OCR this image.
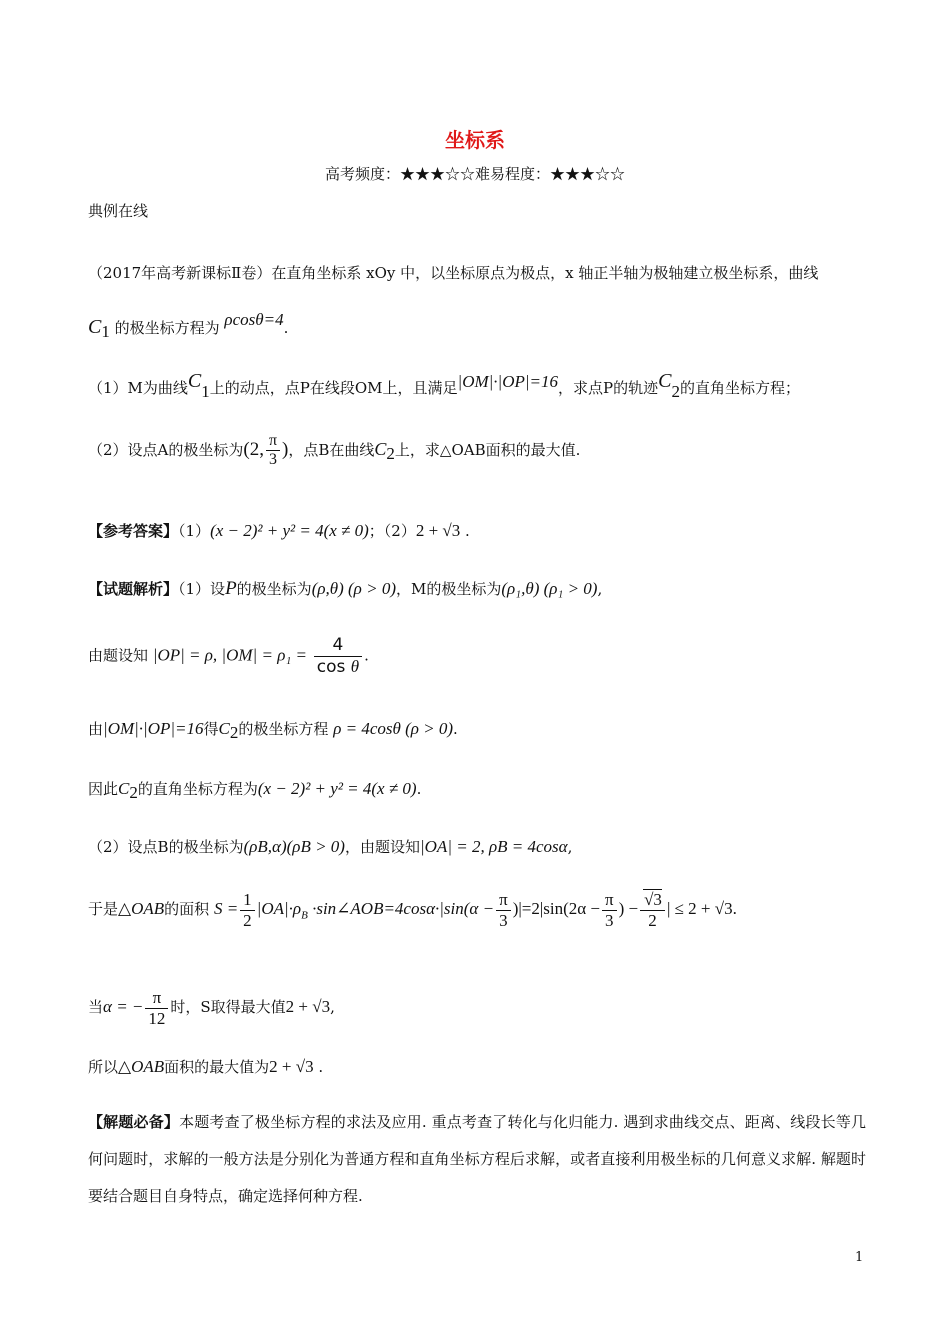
坐标系
高考频度：★★★☆☆难易程度：★★★☆☆
典例在线
（2017年高考新课标Ⅱ卷）在直角坐标系 xOy 中，以坐标原点为极点，x 轴正半轴为极轴建立极坐标系，曲线
$C_1$ 的极坐标方程为 ρcosθ=4.
（1）M为曲线$C_1$上的动点，点P在线段OM上，且满足|OM|·|OP|=16，求点P的轨迹$C_2$的直角坐标方程；
（2）设点A的极坐标为(2, $\frac{\pi}{3}$ )，点B在曲线$C_2$上，求△OAB面积的最大值.
【参考答案】（1）(x − 2)² + y² = 4(x ≠ 0)；（2）2 + √3 .
【试题解析】（1）设P的极坐标为(ρ,θ) (ρ > 0)，M的极坐标为(ρ₁,θ) (ρ₁ > 0),
由题设知 |OP| = ρ, $|OM| = \rho_1 = \frac{4}{\text{cos θ}}$ .
由|OM|·|OP|=16得$C_2$的极坐标方程 ρ = 4cosθ (ρ > 0).
因此$C_2$的直角坐标方程为(x − 2)² + y² = 4(x ≠ 0).
（2）设点B的极坐标为(ρB,α)(ρB > 0)，由题设知|OA| = 2, ρB = 4cosα,
于是△OAB的面积 $S = \frac{1}{2} |OA|\cdot\rho_B$ ·sin∠AOB=4cosα·|sin(α − $\frac{\pi}{3} )|=2|\sin(2\alpha - \frac{\pi}{3}$ ) − $\frac{√3}{2}$ | ≤ 2 + √3.
当α = − $\frac{\pi}{12}$ 时，S取得最大值2 + √3,
所以△OAB面积的最大值为2 + √3 .
【解题必备】本题考查了极坐标方程的求法及应用. 重点考查了转化与化归能力. 遇到求曲线交点、距离、线段长等几何问题时，求解的一般方法是分别化为普通方程和直角坐标方程后求解，或者直接利用极坐标的几何意义求解. 解题时要结合题目自身特点，确定选择何种方程.
1
